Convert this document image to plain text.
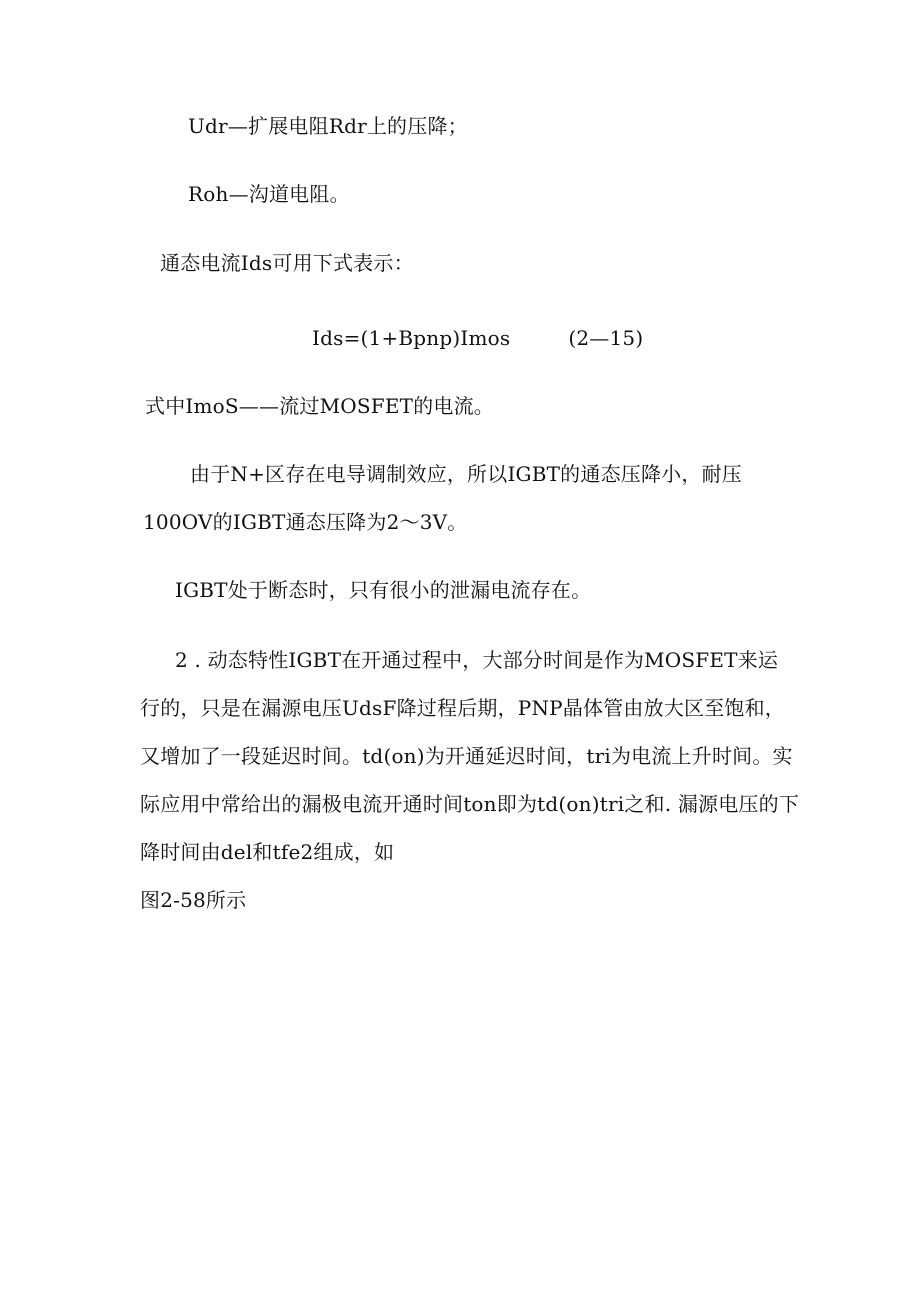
Udr—扩展电阻Rdr上的压降；
Roh—沟道电阻。
通态电流Ids可用下式表示：
Ids=(1+Bpnp)Imos	(2—15)
式中ImoS——流过MOSFET的电流。
由于N+区存在电导调制效应，所以IGBT的通态压降小，耐压
100OV的IGBT通态压降为2～3V。
IGBT处于断态时，只有很小的泄漏电流存在。
2 . 动态特性IGBT在开通过程中，大部分时间是作为MOSFET来运
行的，只是在漏源电压UdsF降过程后期，PNP晶体管由放大区至饱和，
又增加了一段延迟时间。td(on)为开通延迟时间，tri为电流上升时间。实
际应用中常给出的漏极电流开通时间ton即为td(on)tri之和. 漏源电压的下
降时间由del和tfe2组成，如
图2-58所示
